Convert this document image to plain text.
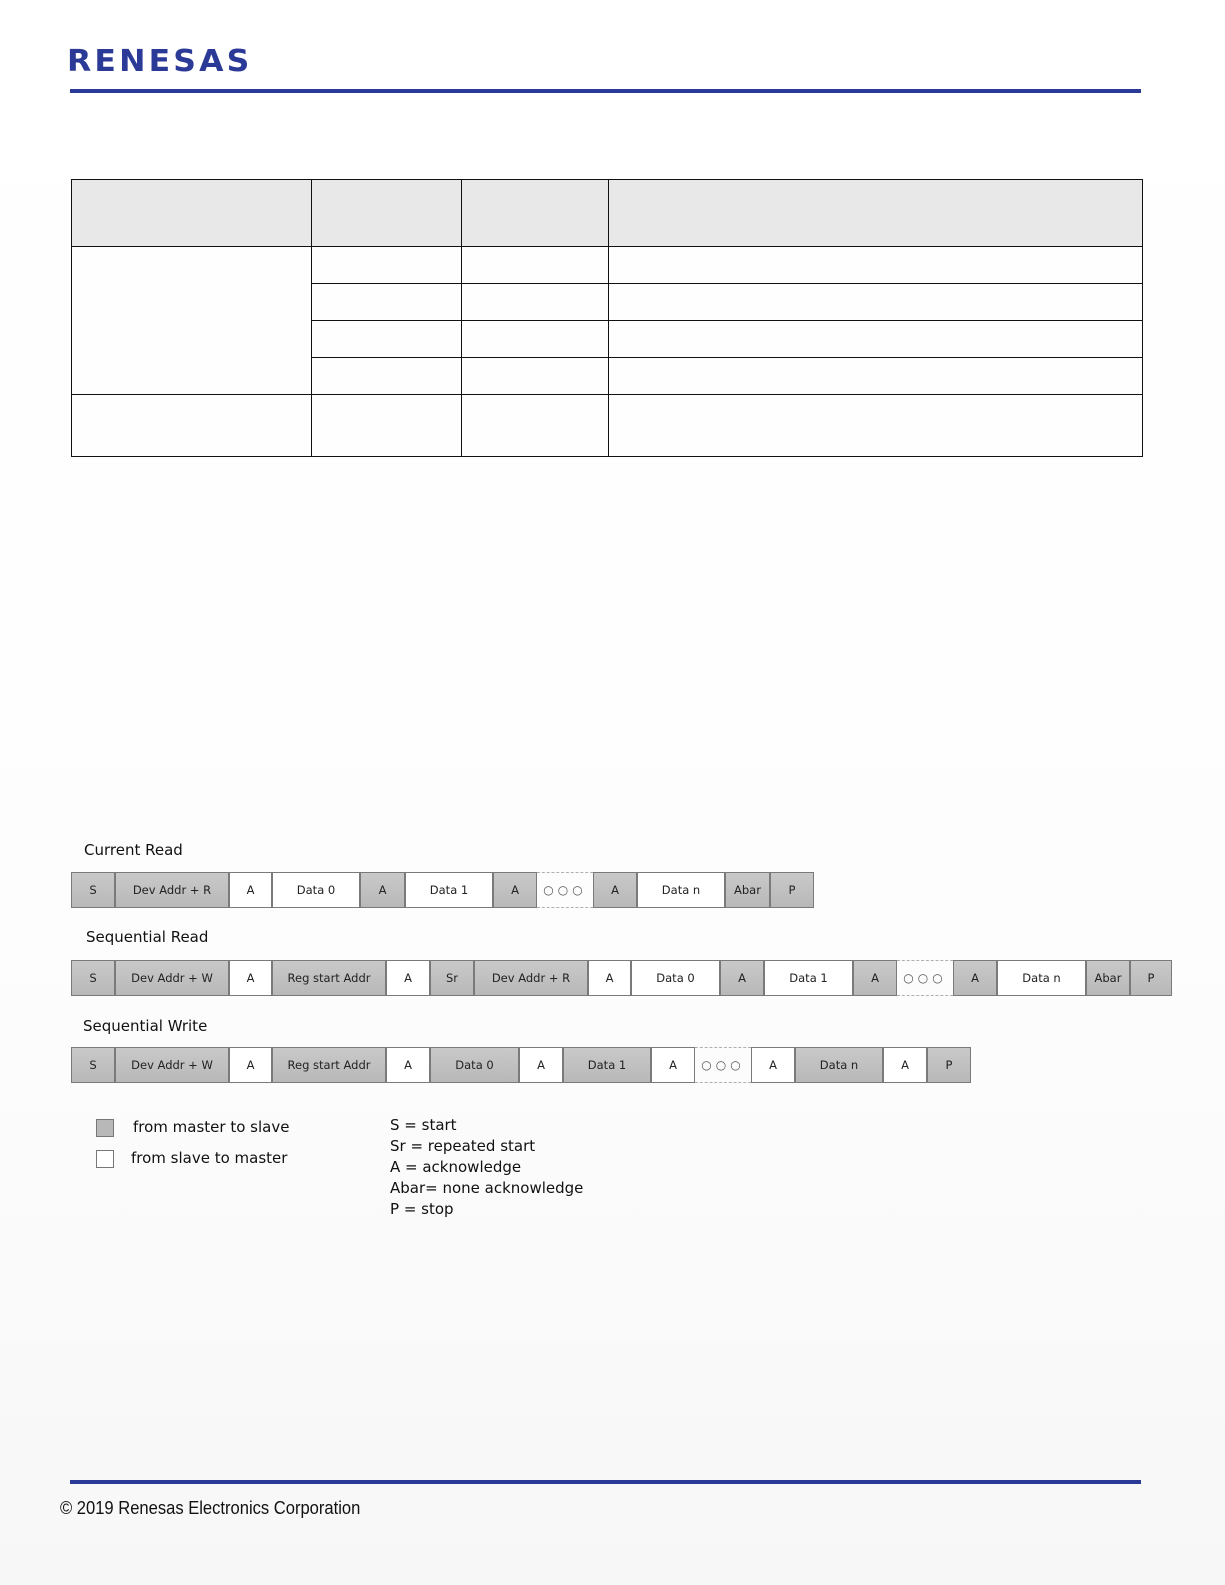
RENESAS

Current Read
S	Dev Addr + R	A	Data 0	A	Data 1	A	○○○	A	Data n	Abar	P
Sequential Read
S	Dev Addr + W	A	Reg start Addr	A	Sr	Dev Addr + R	A	Data 0	A	Data 1	A	○○○	A	Data n	Abar	P
Sequential Write
S	Dev Addr + W	A	Reg start Addr	A	Data 0	A	Data 1	A	○○○	A	Data n	A	P
from master to slave
from slave to master
S = start
Sr = repeated start
A = acknowledge
Abar= none acknowledge
P = stop
© 2019 Renesas Electronics Corporation
